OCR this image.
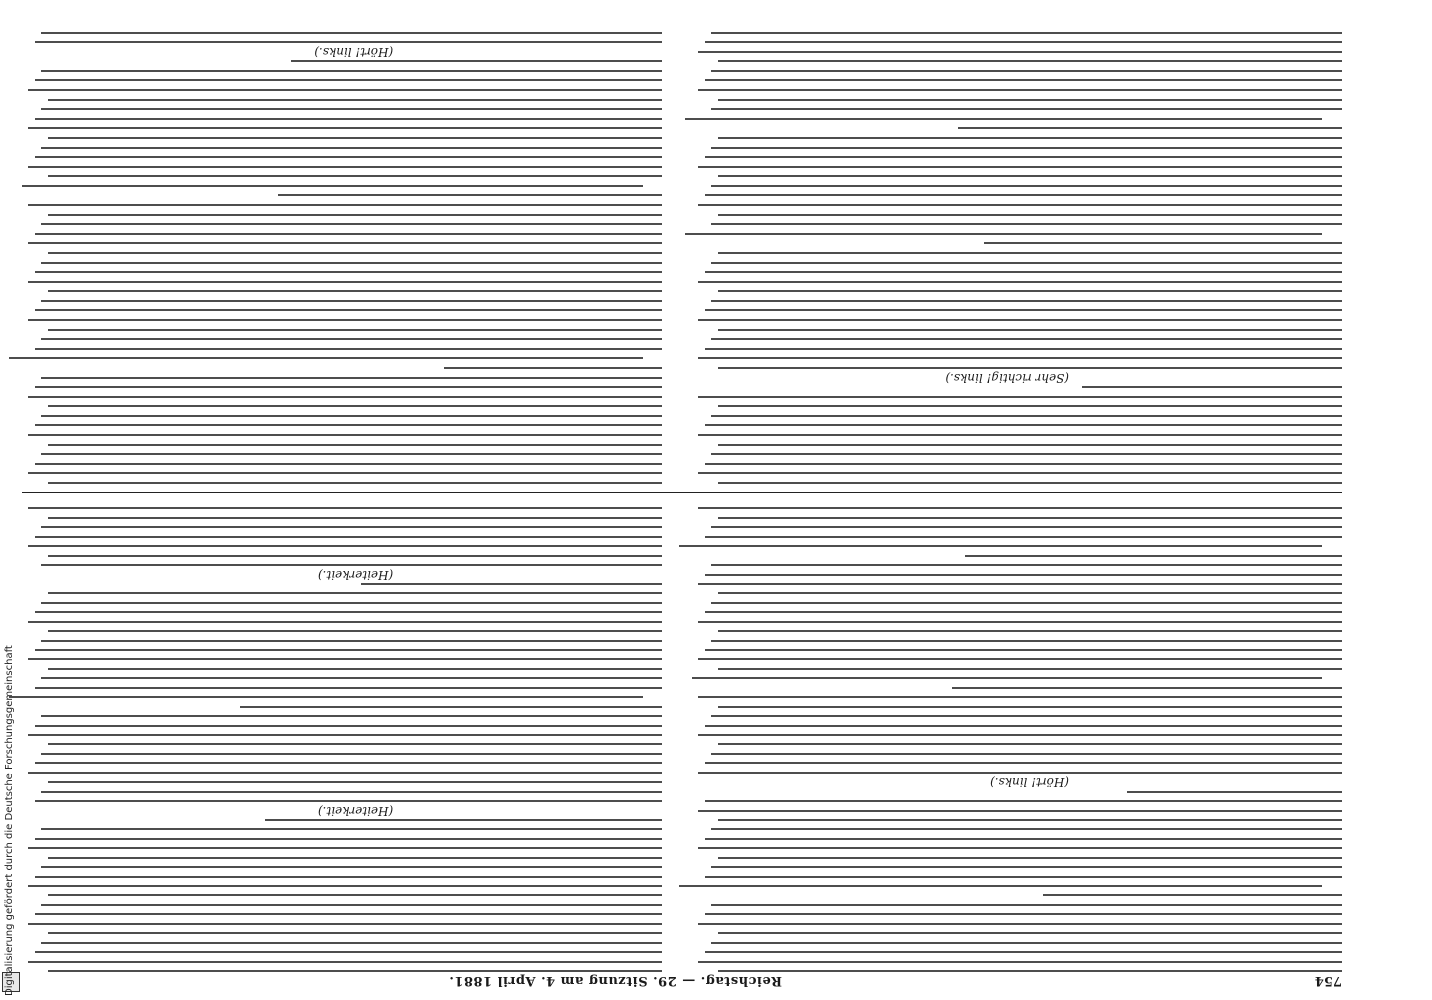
754
Reichstag. — 29. Sitzung am 4. April 1881.
(Hört! links.)
(Heiterkeit.)
(Heiterkeit.)
(Sehr richtig! links.)
(Hört! links.)
Digitalisierung gefördert durch die Deutsche Forschungsgemeinschaft
